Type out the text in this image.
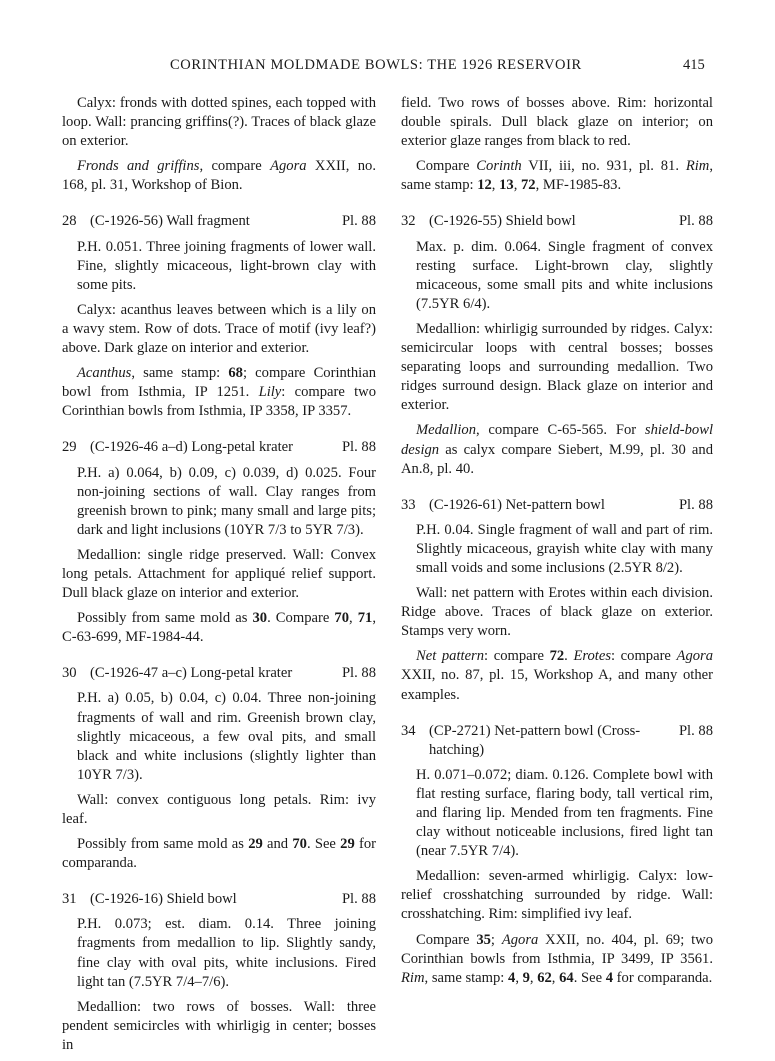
CORINTHIAN MOLDMADE BOWLS: THE 1926 RESERVOIR	415

Calyx: fronds with dotted spines, each topped with loop. Wall: prancing griffins(?). Traces of black glaze on exterior.

Fronds and griffins, compare Agora XXII, no. 168, pl. 31, Workshop of Bion.

28 (C-1926-56) Wall fragment	Pl. 88

P.H. 0.051. Three joining fragments of lower wall. Fine, slightly micaceous, light-brown clay with some pits.

Calyx: acanthus leaves between which is a lily on a wavy stem. Row of dots. Trace of motif (ivy leaf?) above. Dark glaze on interior and exterior.

Acanthus, same stamp: 68; compare Corinthian bowl from Isthmia, IP 1251. Lily: compare two Corinthian bowls from Isthmia, IP 3358, IP 3357.

29 (C-1926-46 a–d) Long-petal krater	Pl. 88

P.H. a) 0.064, b) 0.09, c) 0.039, d) 0.025. Four non-joining sections of wall. Clay ranges from greenish brown to pink; many small and large pits; dark and light inclusions (10YR 7/3 to 5YR 7/3).

Medallion: single ridge preserved. Wall: Convex long petals. Attachment for appliqué relief support. Dull black glaze on interior and exterior.

Possibly from same mold as 30. Compare 70, 71, C-63-699, MF-1984-44.

30 (C-1926-47 a–c) Long-petal krater	Pl. 88

P.H. a) 0.05, b) 0.04, c) 0.04. Three non-joining fragments of wall and rim. Greenish brown clay, slightly micaceous, a few oval pits, and small black and white inclusions (slightly lighter than 10YR 7/3).

Wall: convex contiguous long petals. Rim: ivy leaf.

Possibly from same mold as 29 and 70. See 29 for comparanda.

31 (C-1926-16) Shield bowl	Pl. 88

P.H. 0.073; est. diam. 0.14. Three joining fragments from medallion to lip. Slightly sandy, fine clay with oval pits, white inclusions. Fired light tan (7.5YR 7/4–7/6).

Medallion: two rows of bosses. Wall: three pendent semicircles with whirligig in center; bosses in

field. Two rows of bosses above. Rim: horizontal double spirals. Dull black glaze on interior; on exterior glaze ranges from black to red.

Compare Corinth VII, iii, no. 931, pl. 81. Rim, same stamp: 12, 13, 72, MF-1985-83.

32 (C-1926-55) Shield bowl	Pl. 88

Max. p. dim. 0.064. Single fragment of convex resting surface. Light-brown clay, slightly micaceous, some small pits and white inclusions (7.5YR 6/4).

Medallion: whirligig surrounded by ridges. Calyx: semicircular loops with central bosses; bosses separating loops and surrounding medallion. Two ridges surround design. Black glaze on interior and exterior.

Medallion, compare C-65-565. For shield-bowl design as calyx compare Siebert, M.99, pl. 30 and An.8, pl. 40.

33 (C-1926-61) Net-pattern bowl	Pl. 88

P.H. 0.04. Single fragment of wall and part of rim. Slightly micaceous, grayish white clay with many small voids and some inclusions (2.5YR 8/2).

Wall: net pattern with Erotes within each division. Ridge above. Traces of black glaze on exterior. Stamps very worn.

Net pattern: compare 72. Erotes: compare Agora XXII, no. 87, pl. 15, Workshop A, and many other examples.

34 (CP-2721) Net-pattern bowl (Cross-hatching)
Pl. 88

H. 0.071–0.072; diam. 0.126. Complete bowl with flat resting surface, flaring body, tall vertical rim, and flaring lip. Mended from ten fragments. Fine clay without noticeable inclusions, fired light tan (near 7.5YR 7/4).

Medallion: seven-armed whirligig. Calyx: low-relief crosshatching surrounded by ridge. Wall: crosshatching. Rim: simplified ivy leaf.

Compare 35; Agora XXII, no. 404, pl. 69; two Corinthian bowls from Isthmia, IP 3499, IP 3561. Rim, same stamp: 4, 9, 62, 64. See 4 for comparanda.
